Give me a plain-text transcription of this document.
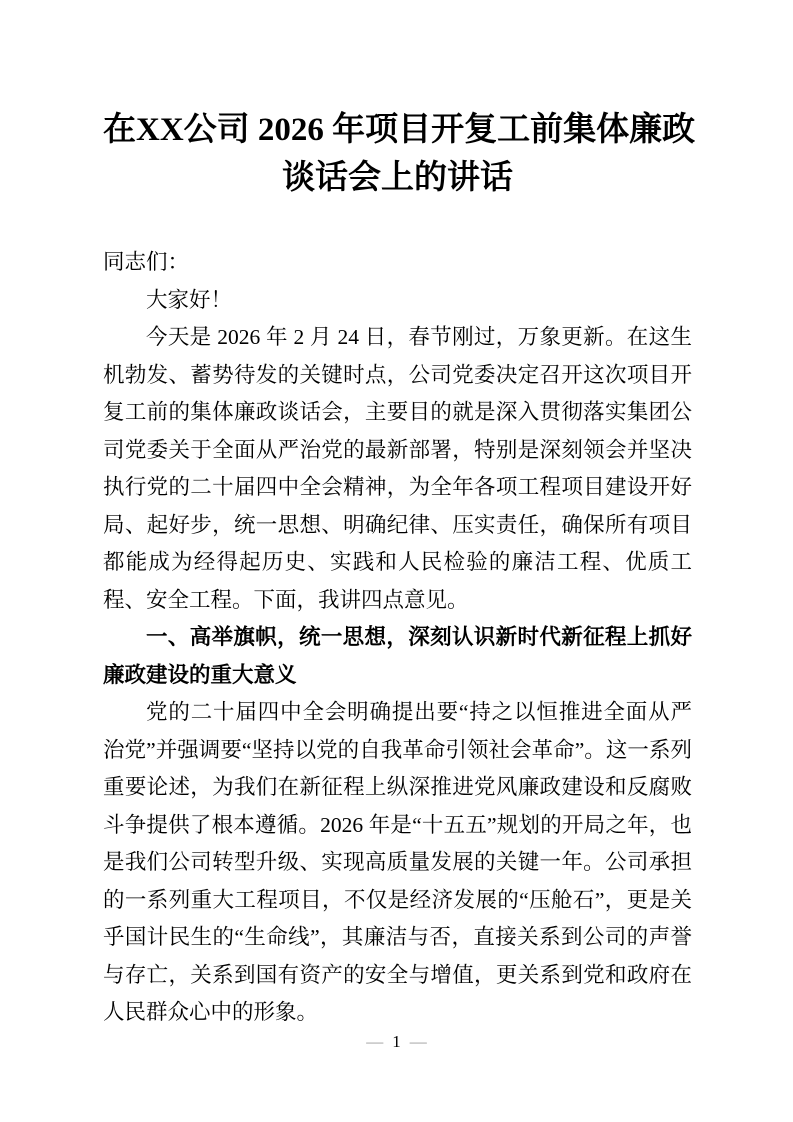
在XX公司 2026 年项目开复工前集体廉政
谈话会上的讲话

同志们：

大家好！

今天是 2026 年 2 月 24 日，春节刚过，万象更新。在这生机勃发、蓄势待发的关键时点，公司党委决定召开这次项目开复工前的集体廉政谈话会，主要目的就是深入贯彻落实集团公司党委关于全面从严治党的最新部署，特别是深刻领会并坚决执行党的二十届四中全会精神，为全年各项工程项目建设开好局、起好步，统一思想、明确纪律、压实责任，确保所有项目都能成为经得起历史、实践和人民检验的廉洁工程、优质工程、安全工程。下面，我讲四点意见。

一、高举旗帜，统一思想，深刻认识新时代新征程上抓好廉政建设的重大意义

党的二十届四中全会明确提出要“持之以恒推进全面从严治党”并强调要“坚持以党的自我革命引领社会革命”。这一系列重要论述，为我们在新征程上纵深推进党风廉政建设和反腐败斗争提供了根本遵循。2026 年是“十五五”规划的开局之年，也是我们公司转型升级、实现高质量发展的关键一年。公司承担的一系列重大工程项目，不仅是经济发展的“压舱石”，更是关乎国计民生的“生命线”，其廉洁与否，直接关系到公司的声誉与存亡，关系到国有资产的安全与增值，更关系到党和政府在人民群众心中的形象。

— 1 —
